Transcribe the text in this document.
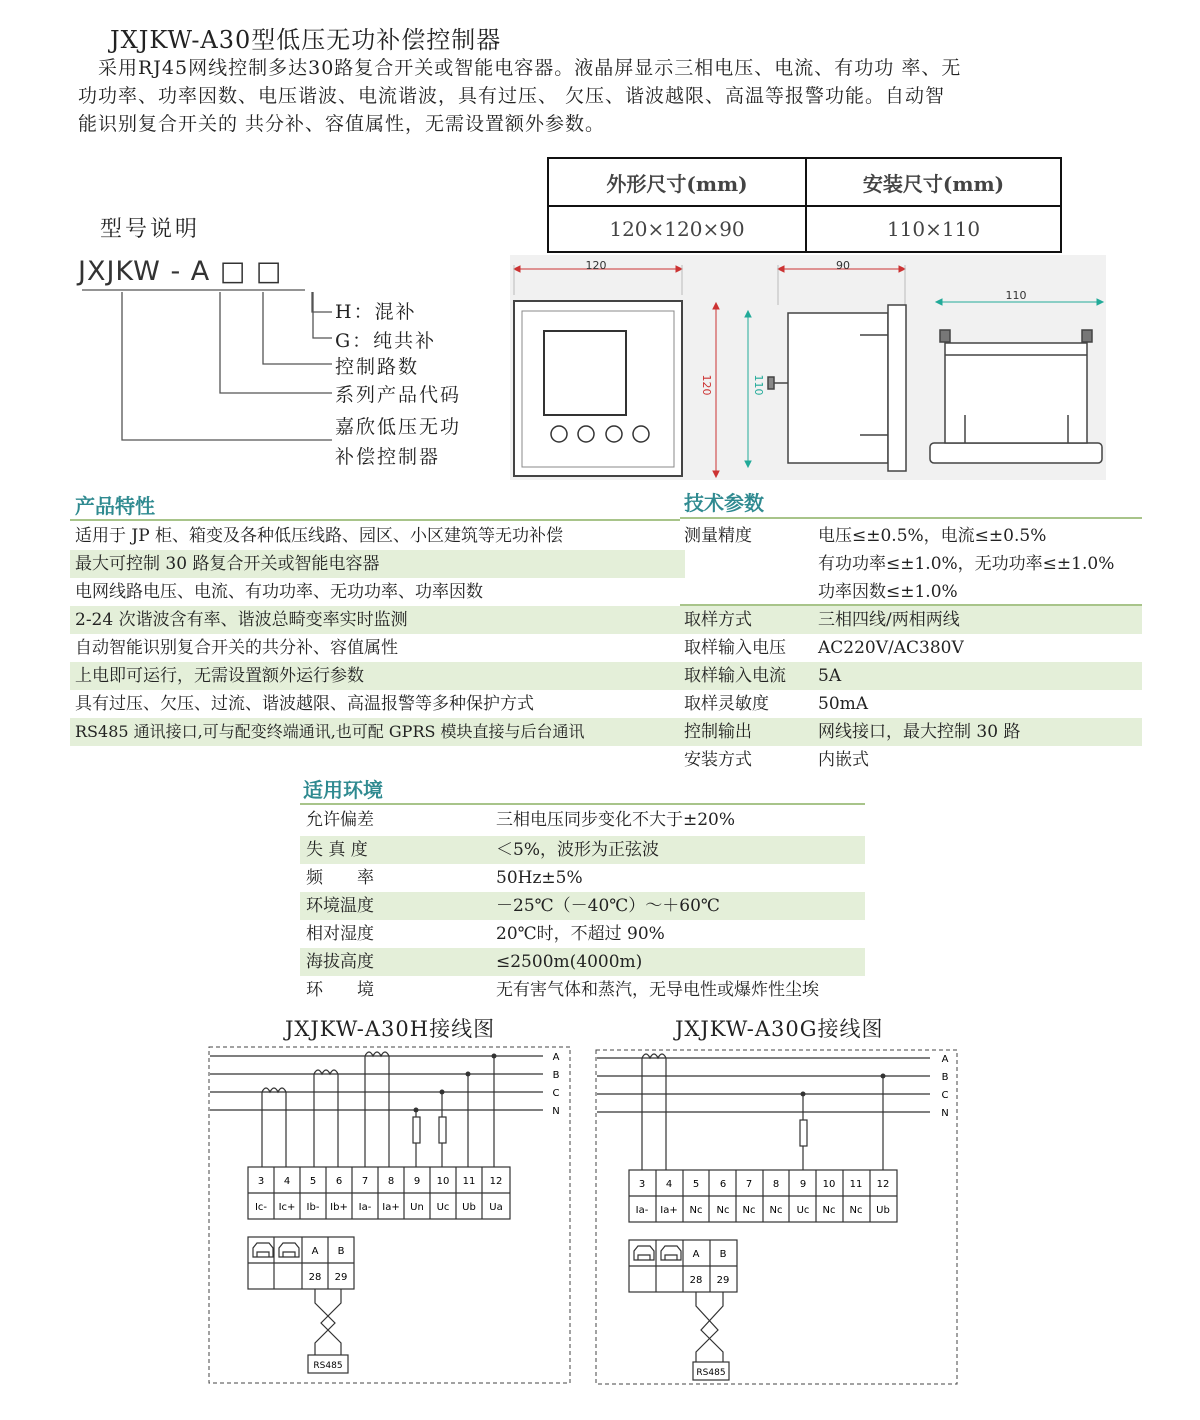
JXJKW-A30型低压无功补偿控制器
　采用RJ45网线控制多达30路复合开关或智能电容器。液晶屏显示三相电压、电流、有功功 率、无
功功率、功率因数、电压谐波、电流谐波，具有过压、 欠压、谐波越限、高温等报警功能。自动智
能识别复合开关的 共分补、容值属性，无需设置额外参数。
外形尺寸(mm)	安装尺寸(mm)
120×120×90	110×110
型号说明
JXJKW - A □ □
H：混补
G：纯共补
控制路数
系列产品代码
嘉欣低压无功
补偿控制器
120	90
110
120	110
产品特性
适用于 JP 柜、箱变及各种低压线路、园区、小区建筑等无功补偿
最大可控制 30 路复合开关或智能电容器
电网线路电压、电流、有功功率、无功功率、功率因数
2-24 次谐波含有率、谐波总畸变率实时监测
自动智能识别复合开关的共分补、容值属性
上电即可运行，无需设置额外运行参数
具有过压、欠压、过流、谐波越限、高温报警等多种保护方式
RS485 通讯接口,可与配变终端通讯,也可配 GPRS 模块直接与后台通讯
技术参数
测量精度	电压≤±0.5%，电流≤±0.5%
有功功率≤±1.0%，无功功率≤±1.0%
功率因数≤±1.0%
取样方式	三相四线/两相两线
取样输入电压 AC220V/AC380V
取样输入电流 5A
取样灵敏度	50mA
控制输出	网线接口，最大控制 30 路
安装方式	内嵌式
适用环境
允许偏差	三相电压同步变化不大于±20%
失 真 度	＜5%，波形为正弦波
频　　率	50Hz±5%
环境温度	－25℃（－40℃）～＋60℃
相对湿度	20℃时，不超过 90%
海拔高度	≤2500m(4000m)
环　　境	无有害气体和蒸汽，无导电性或爆炸性尘埃
JXJKW-A30H接线图	JXJKW-A30G接线图
A
B
C
N
3 4 5 6 7 8 9 10 11 12
Ic- Ic+ Ib- Ib+ Ia- Ia+ Un Uc Ub Ua
A B
28 29
RS485
A
B
C
N
3 4 5 6 7 8 9 10 11 12
Ia- Ia+ Nc Nc Nc Nc Uc Nc Nc Ub
A B
28 29
RS485
